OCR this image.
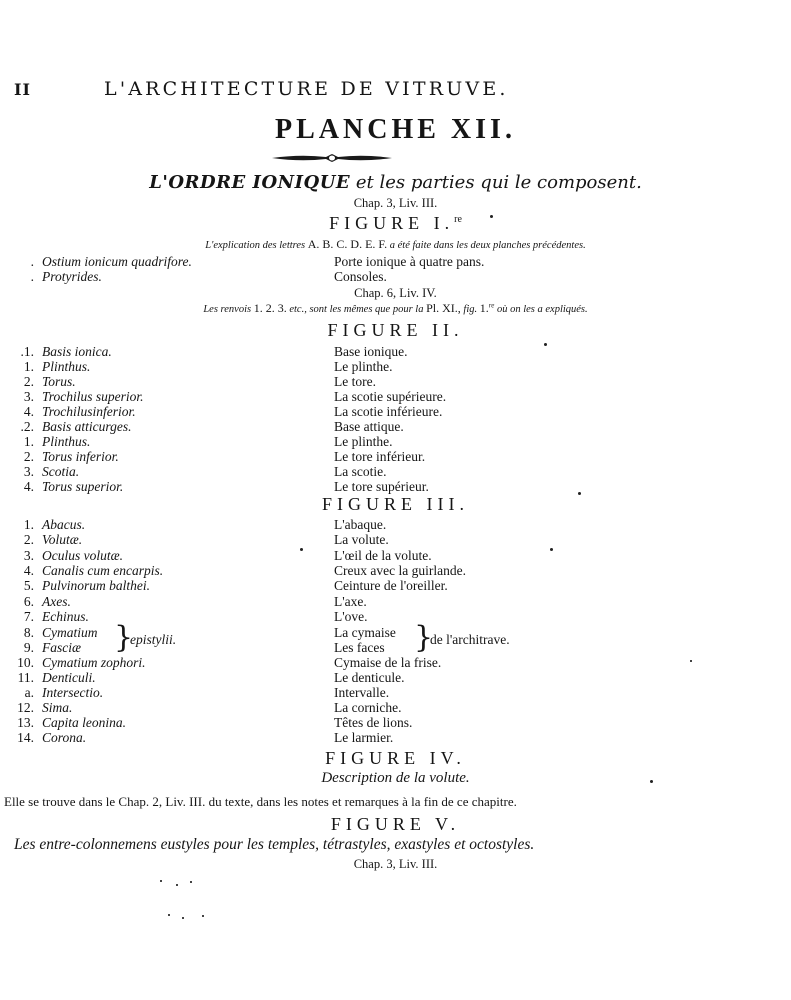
II	L'ARCHITECTURE DE VITRUVE.
PLANCHE XII.
L'ORDRE IONIQUE et les parties qui le composent.
Chap. 3, Liv. III.
FIGURE I.$^{re}$
L'explication des lettres A. B. C. D. E. F. a été faite dans les deux planches précédentes.
. Ostium ionicum quadrifore.	Porte ionique à quatre pans.
. Protyrides.	Consoles.
Chap. 6, Liv. IV.
Les renvois 1. 2. 3. etc., sont les mêmes que pour la Pl. XI., fig. 1.$^{re}$ où on les a expliqués.
FIGURE II.
.1. Basis ionica.	Base ionique.
1. Plinthus.	Le plinthe.
2. Torus.	Le tore.
3. Trochilus superior.	La scotie supérieure.
4. Trochilusinferior.	La scotie inférieure.
.2. Basis atticurges.	Base attique.
1. Plinthus.	Le plinthe.
2. Torus inferior.	Le tore inférieur.
3. Scotia.	La scotie.
4. Torus superior.	Le tore supérieur.
FIGURE III.
1. Abacus.	L'abaque.
2. Volutæ.	La volute.
3. Oculus volutæ.	L'œil de la volute.
4. Canalis cum encarpis.	Creux avec la guirlande.
5. Pulvinorum balthei.	Ceinture de l'oreiller.
6. Axes.	L'axe.
7. Echinus.	L'ove.
8. Cymatium	La cymaise
9. Fasciæ	Les faces
}
epistylii.	}
de l'architrave.
10. Cymatium zophori.	Cymaise de la frise.
11. Denticuli.	Le denticule.
a. Intersectio.	Intervalle.
12. Sima.	La corniche.
13. Capita leonina.	Têtes de lions.
14. Corona.	Le larmier.
FIGURE IV.
Description de la volute.
Elle se trouve dans le Chap. 2, Liv. III. du texte, dans les notes et remarques à la fin de ce chapitre.
FIGURE V.
Les entre-colonnemens eustyles pour les temples, tétrastyles, exastyles et octostyles.
Chap. 3, Liv. III.
